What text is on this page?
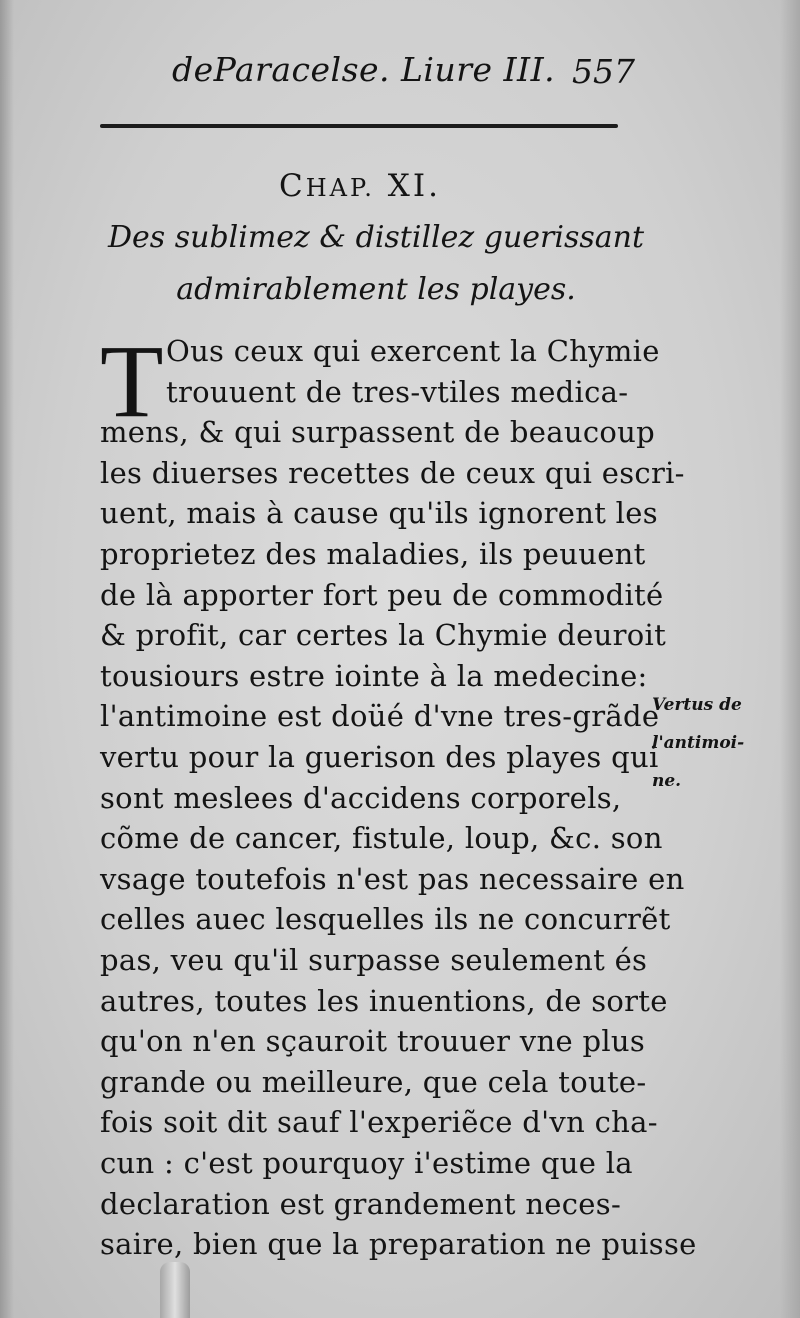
deParacelse. Liure III. 557
CHAP. XI.
Des sublimez & distillez guerissant
admirablement les playes.
T Ous ceux qui exercent la Chymie
trouuent de tres-vtiles medica-
mens, & qui surpassent de beaucoup
les diuerses recettes de ceux qui escri-
uent, mais à cause qu'ils ignorent les
proprietez des maladies, ils peuuent
de là apporter fort peu de commodité
& profit, car certes la Chymie deuroit
tousiours estre iointe à la medecine:
l'antimoine est doüé d'vne tres-grãde
vertu pour la guerison des playes qui
sont meslees d'accidens corporels,
cõme de cancer, fistule, loup, &c. son
vsage toutefois n'est pas necessaire en
celles auec lesquelles ils ne concurrẽt
pas, veu qu'il surpasse seulement és
autres, toutes les inuentions, de sorte
qu'on n'en sçauroit trouuer vne plus
grande ou meilleure, que cela toute-
fois soit dit sauf l'experiẽce d'vn cha-
cun : c'est pourquoy i'estime que la
declaration est grandement neces-
saire, bien que la preparation ne puisse
Vertus de
l'antimoi-
ne.
